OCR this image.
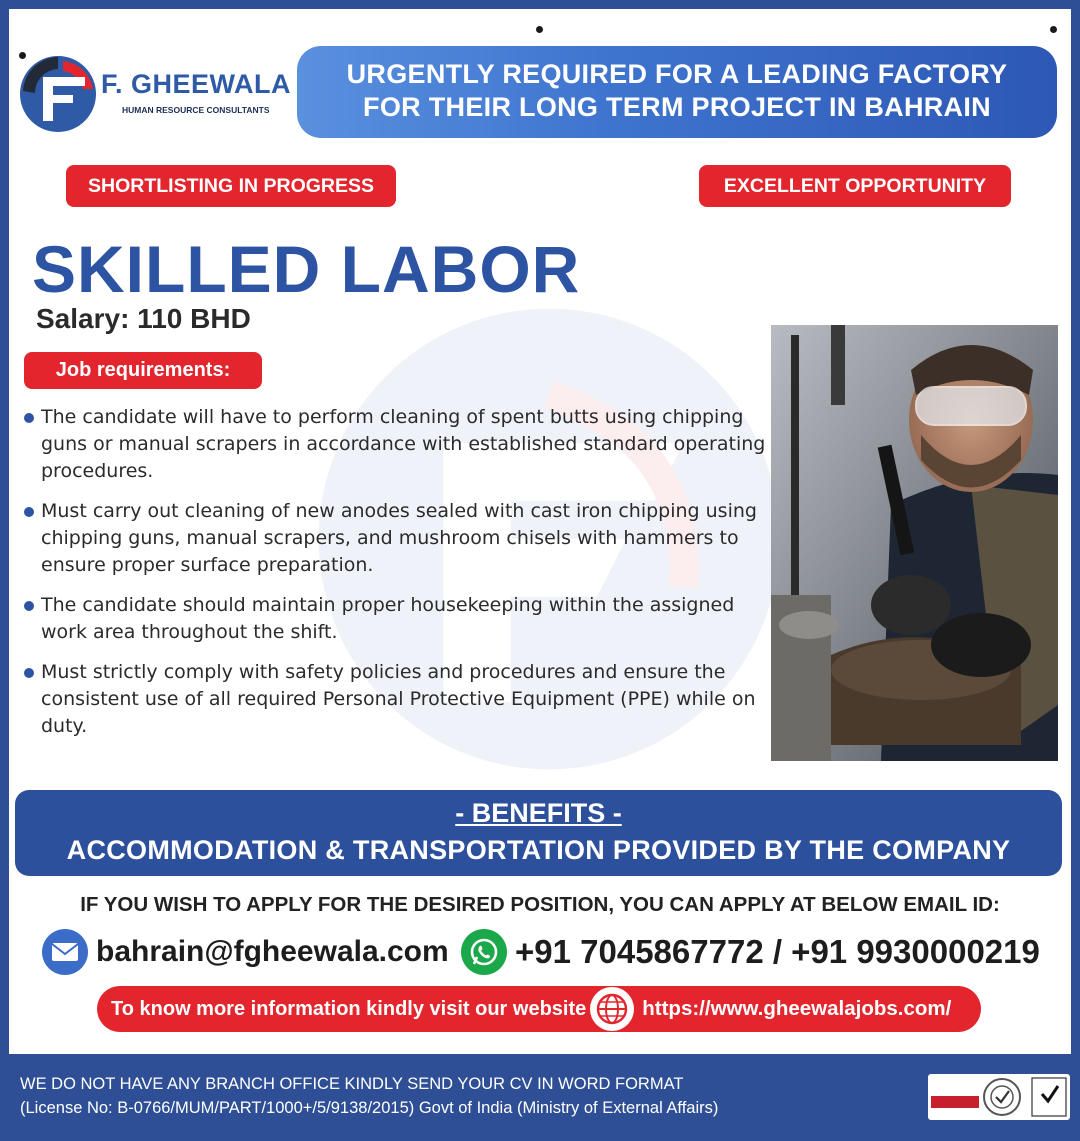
F. GHEEWALA
HUMAN RESOURCE CONSULTANTS
URGENTLY REQUIRED FOR A LEADING FACTORY
FOR THEIR LONG TERM PROJECT IN BAHRAIN
SHORTLISTING IN PROGRESS	EXCELLENT OPPORTUNITY
SKILLED LABOR
Salary: 110 BHD
Job requirements:
The candidate will have to perform cleaning of spent butts using chipping guns or manual scrapers in accordance with established standard operating procedures.
Must carry out cleaning of new anodes sealed with cast iron chipping using chipping guns, manual scrapers, and mushroom chisels with hammers to ensure proper surface preparation.
The candidate should maintain proper housekeeping within the assigned work area throughout the shift.
Must strictly comply with safety policies and procedures and ensure the consistent use of all required Personal Protective Equipment (PPE) while on duty.
- BENEFITS -
ACCOMMODATION & TRANSPORTATION PROVIDED BY THE COMPANY
IF YOU WISH TO APPLY FOR THE DESIRED POSITION, YOU CAN APPLY AT BELOW EMAIL ID:
bahrain@fgheewala.com +91 7045867772 / +91 9930000219
To know more information kindly visit our website	https://www.gheewalajobs.com/
WE DO NOT HAVE ANY BRANCH OFFICE KINDLY SEND YOUR CV IN WORD FORMAT
(License No: B-0766/MUM/PART/1000+/5/9138/2015) Govt of India (Ministry of External Affairs)
